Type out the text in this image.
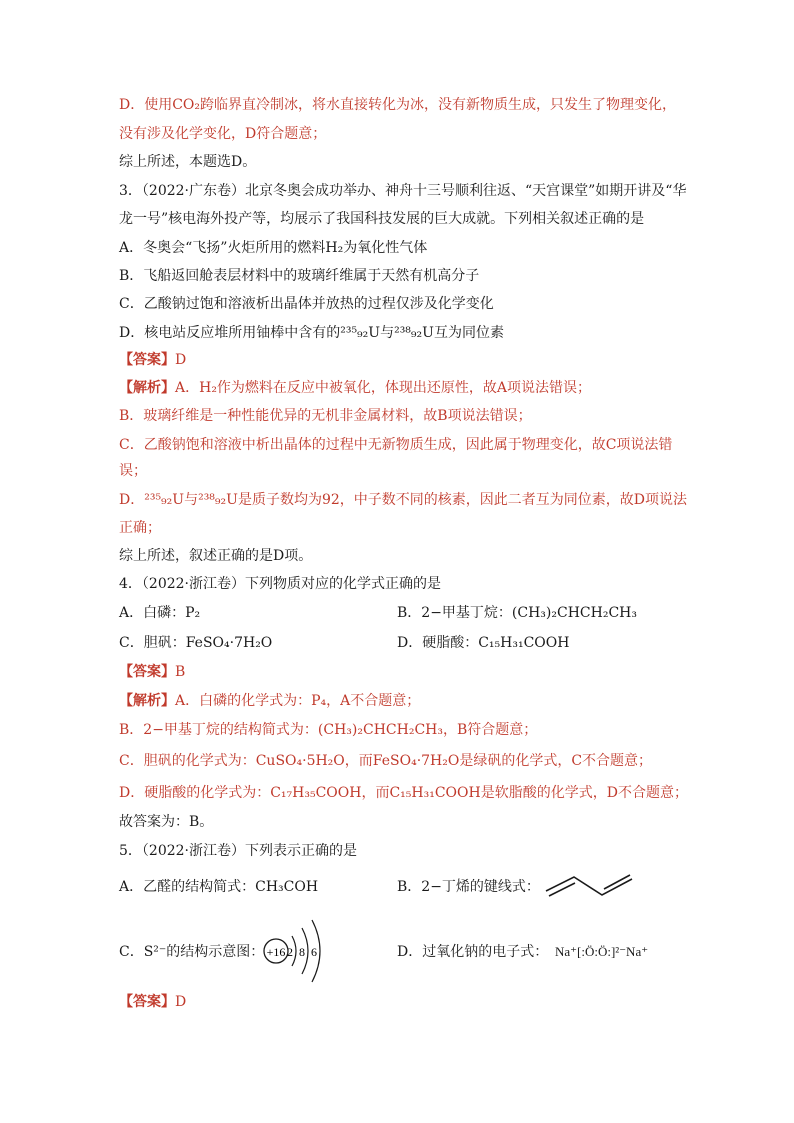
D．使用CO₂跨临界直冷制冰，将水直接转化为冰，没有新物质生成，只发生了物理变化，
没有涉及化学变化，D符合题意；
综上所述，本题选D。
3．（2022·广东卷）北京冬奥会成功举办、神舟十三号顺利往返、“天宫课堂”如期开讲及“华
龙一号”核电海外投产等，均展示了我国科技发展的巨大成就。下列相关叙述正确的是
A．冬奥会“飞扬”火炬所用的燃料H₂为氧化性气体
B．飞船返回舱表层材料中的玻璃纤维属于天然有机高分子
C．乙酸钠过饱和溶液析出晶体并放热的过程仅涉及化学变化
D．核电站反应堆所用铀棒中含有的²³⁵₉₂U与²³⁸₉₂U互为同位素
【答案】D
【解析】A．H₂作为燃料在反应中被氧化，体现出还原性，故A项说法错误；
B．玻璃纤维是一种性能优异的无机非金属材料，故B项说法错误；
C．乙酸钠饱和溶液中析出晶体的过程中无新物质生成，因此属于物理变化，故C项说法错
误；
D．²³⁵₉₂U与²³⁸₉₂U是质子数均为92，中子数不同的核素，因此二者互为同位素，故D项说法
正确；
综上所述，叙述正确的是D项。
4．（2022·浙江卷）下列物质对应的化学式正确的是
A．白磷：P₂	B．2−甲基丁烷：(CH₃)₂CHCH₂CH₃
C．胆矾：FeSO₄·7H₂O	D．硬脂酸：C₁₅H₃₁COOH
【答案】B
【解析】A．白磷的化学式为：P₄，A不合题意；
B．2−甲基丁烷的结构简式为：(CH₃)₂CHCH₂CH₃，B符合题意；
C．胆矾的化学式为：CuSO₄·5H₂O，而FeSO₄·7H₂O是绿矾的化学式，C不合题意；
D．硬脂酸的化学式为：C₁₇H₃₅COOH，而C₁₅H₃₁COOH是软脂酸的化学式，D不合题意；
故答案为：B。
5．（2022·浙江卷）下列表示正确的是
A．乙醛的结构简式：CH₃COH	B．2−丁烯的键线式：
C．S²⁻的结构示意图： +16 2 8 6	D．过氧化钠的电子式： Na⁺[:Ö:Ö:]²⁻Na⁺
【答案】D
